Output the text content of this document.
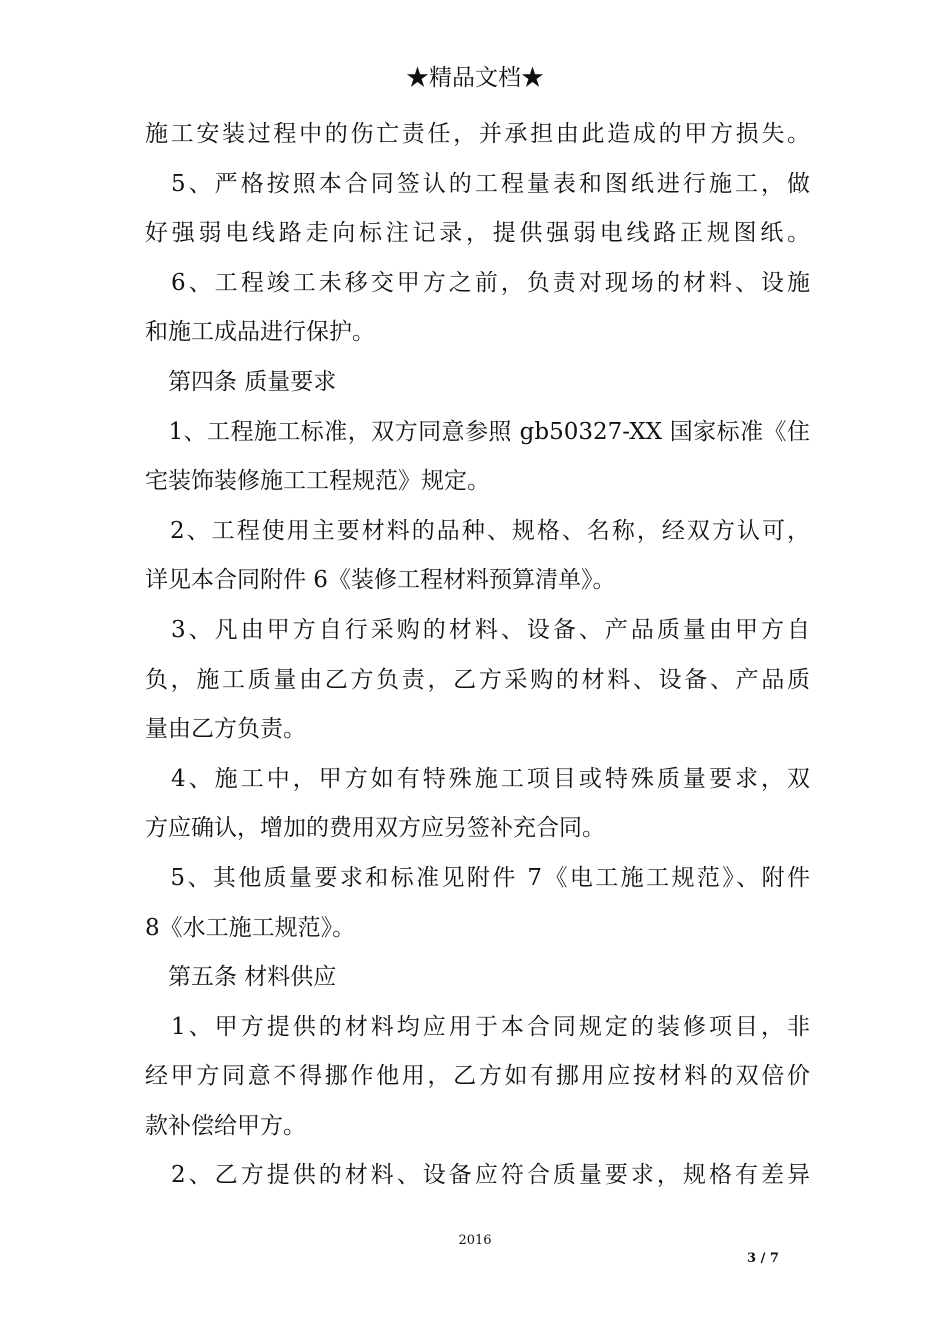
★精品文档★
施工安装过程中的伤亡责任，并承担由此造成的甲方损失。
　5、严格按照本合同签认的工程量表和图纸进行施工，做
好强弱电线路走向标注记录，提供强弱电线路正规图纸。
　6、工程竣工未移交甲方之前，负责对现场的材料、设施
和施工成品进行保护。
　第四条 质量要求
　1、工程施工标准，双方同意参照 gb50327-XX 国家标准《住
宅装饰装修施工工程规范》规定。
　2、工程使用主要材料的品种、规格、名称，经双方认可，
详见本合同附件 6《装修工程材料预算清单》。
　3、凡由甲方自行采购的材料、设备、产品质量由甲方自
负，施工质量由乙方负责，乙方采购的材料、设备、产品质
量由乙方负责。
　4、施工中，甲方如有特殊施工项目或特殊质量要求，双
方应确认，增加的费用双方应另签补充合同。
　5、其他质量要求和标准见附件 7《电工施工规范》、附件
8《水工施工规范》。
　第五条 材料供应
　1、甲方提供的材料均应用于本合同规定的装修项目，非
经甲方同意不得挪作他用，乙方如有挪用应按材料的双倍价
款补偿给甲方。
　2、乙方提供的材料、设备应符合质量要求，规格有差异
2016
3 / 7
